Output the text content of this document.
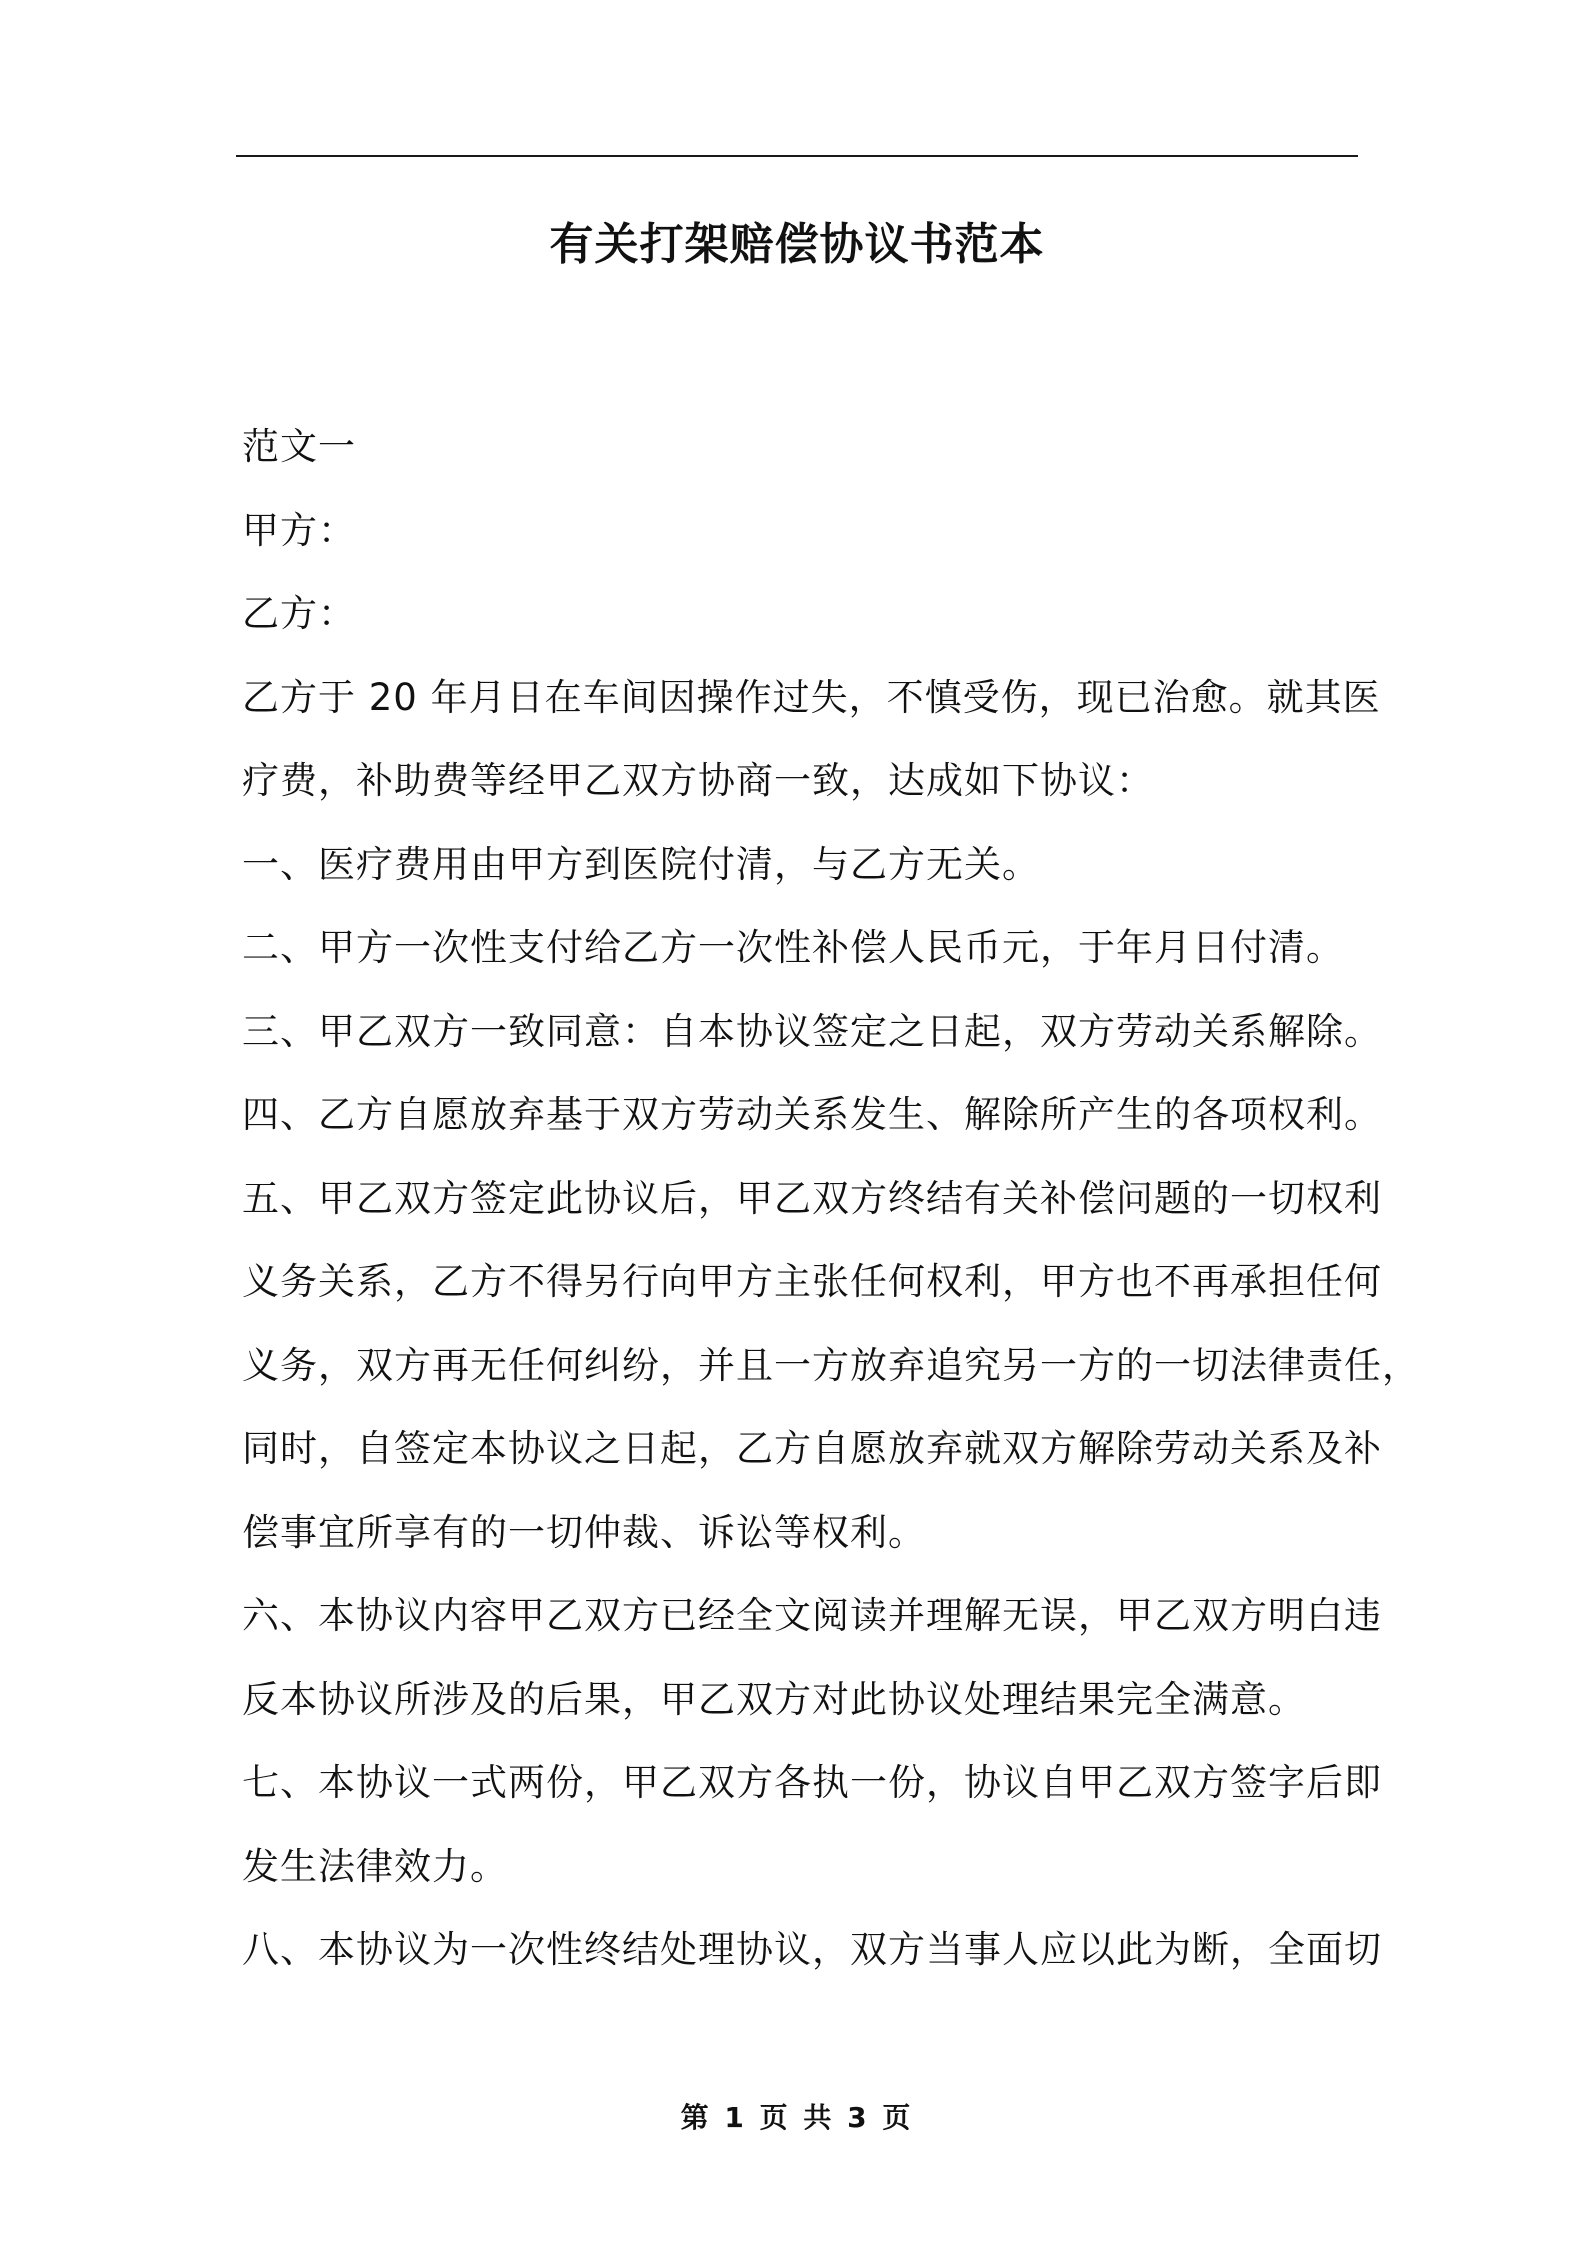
有关打架赔偿协议书范本
范文一
甲方：
乙方：
乙方于 20 年月日在车间因操作过失，不慎受伤，现已治愈。就其医
疗费，补助费等经甲乙双方协商一致，达成如下协议：
一、医疗费用由甲方到医院付清，与乙方无关。
二、甲方一次性支付给乙方一次性补偿人民币元，于年月日付清。
三、甲乙双方一致同意：自本协议签定之日起，双方劳动关系解除。
四、乙方自愿放弃基于双方劳动关系发生、解除所产生的各项权利。
五、甲乙双方签定此协议后，甲乙双方终结有关补偿问题的一切权利
义务关系，乙方不得另行向甲方主张任何权利，甲方也不再承担任何
义务，双方再无任何纠纷，并且一方放弃追究另一方的一切法律责任，
同时，自签定本协议之日起，乙方自愿放弃就双方解除劳动关系及补
偿事宜所享有的一切仲裁、诉讼等权利。
六、本协议内容甲乙双方已经全文阅读并理解无误，甲乙双方明白违
反本协议所涉及的后果，甲乙双方对此协议处理结果完全满意。
七、本协议一式两份，甲乙双方各执一份，协议自甲乙双方签字后即
发生法律效力。
八、本协议为一次性终结处理协议，双方当事人应以此为断，全面切
第 1 页 共 3 页
